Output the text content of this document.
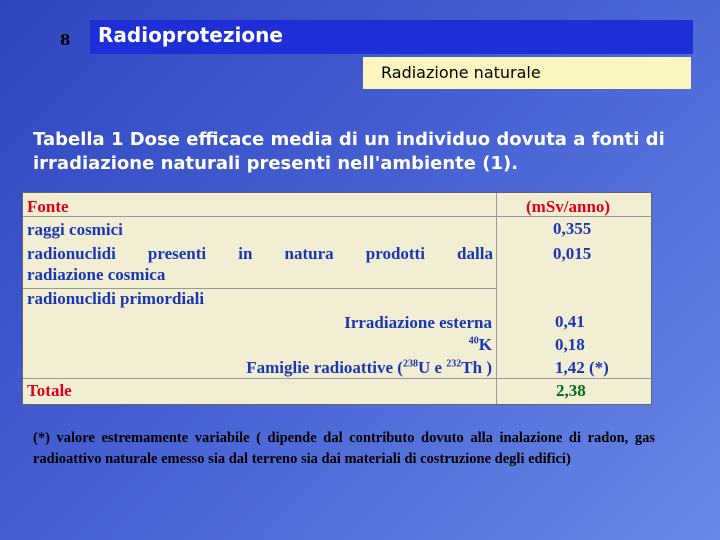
8	Radioprotezione
Radiazione naturale
Tabella 1 Dose efficace media di un individuo dovuta a fonti di irradiazione naturali presenti nell'ambiente (1).
Fonte
raggi cosmici
radionuclidi presenti in natura prodotti dalla
radiazione cosmica
radionuclidi primordiali
Irradiazione esterna
$^{40}$K
Famiglie radioattive ($^{238}$U e $^{232}$Th )
Totale
(mSv/anno)
0,355
0,015
0,41
0,18
1,42 (*)
2,38
(*) valore estremamente variabile ( dipende dal contributo dovuto alla inalazione di radon, gas radioattivo naturale emesso sia dal terreno sia dai materiali di costruzione degli edifici)
